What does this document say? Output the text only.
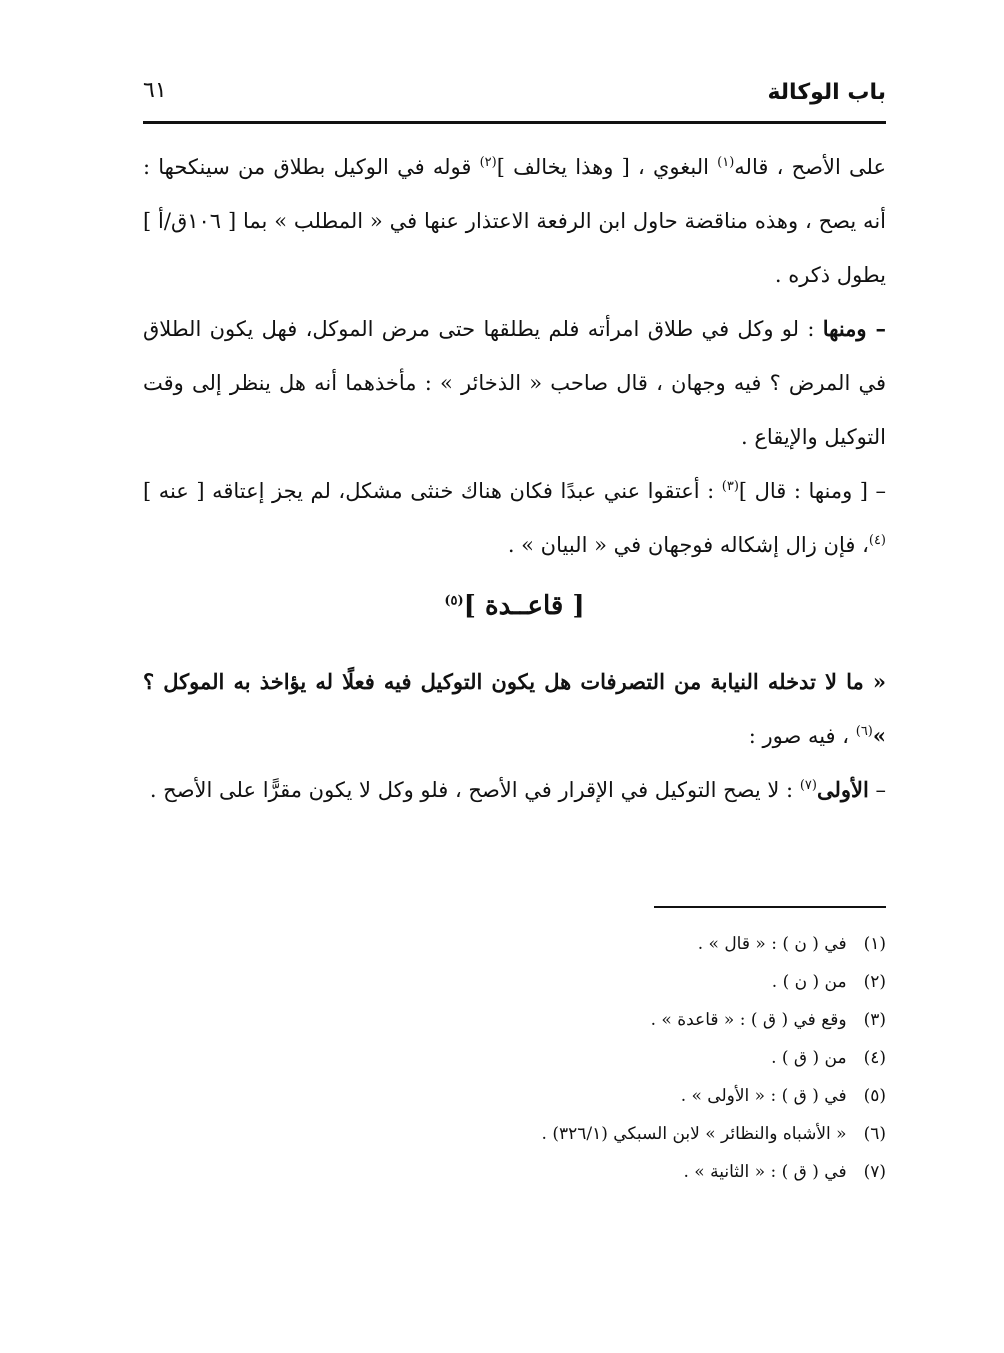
باب الوكالة
٦١

على الأصح ، قاله$^{(١)}$ البغوي ، [ وهذا يخالف ]$^{(٢)}$ قوله في الوكيل بطلاق من سينكحها : أنه يصح ، وهذه مناقضة حاول ابن الرفعة الاعتذار عنها في « المطلب » بما [ ١٠٦ق/أ ] يطول ذكره .

– ومنها : لو وكل في طلاق امرأته فلم يطلقها حتى مرض الموكل، فهل يكون الطلاق في المرض ؟ فيه وجهان ، قال صاحب « الذخائر » : مأخذهما أنه هل ينظر إلى وقت التوكيل والإيقاع .

– [ ومنها : قال ]$^{(٣)}$ : أعتقوا عني عبدًا فكان هناك خنثى مشكل، لم يجز إعتاقه [ عنه ]$^{(٤)}$، فإن زال إشكاله فوجهان في « البيان » .

[ قاعــدة ]$^{(٥)}$

« ما لا تدخله النيابة من التصرفات هل يكون التوكيل فيه فعلًا له يؤاخذ به الموكل ؟ »$^{(٦)}$ ، فيه صور :

– الأولى$^{(٧)}$ : لا يصح التوكيل في الإقرار في الأصح ، فلو وكل لا يكون مقرًّا على الأصح .

(١) في ( ن ) : « قال » .

(٢) من ( ن ) .

(٣) وقع في ( ق ) : « قاعدة » .

(٤) من ( ق ) .

(٥) في ( ق ) : « الأولى » .

(٦) « الأشباه والنظائر » لابن السبكي (٣٢٦/١) .

(٧) في ( ق ) : « الثانية » .
